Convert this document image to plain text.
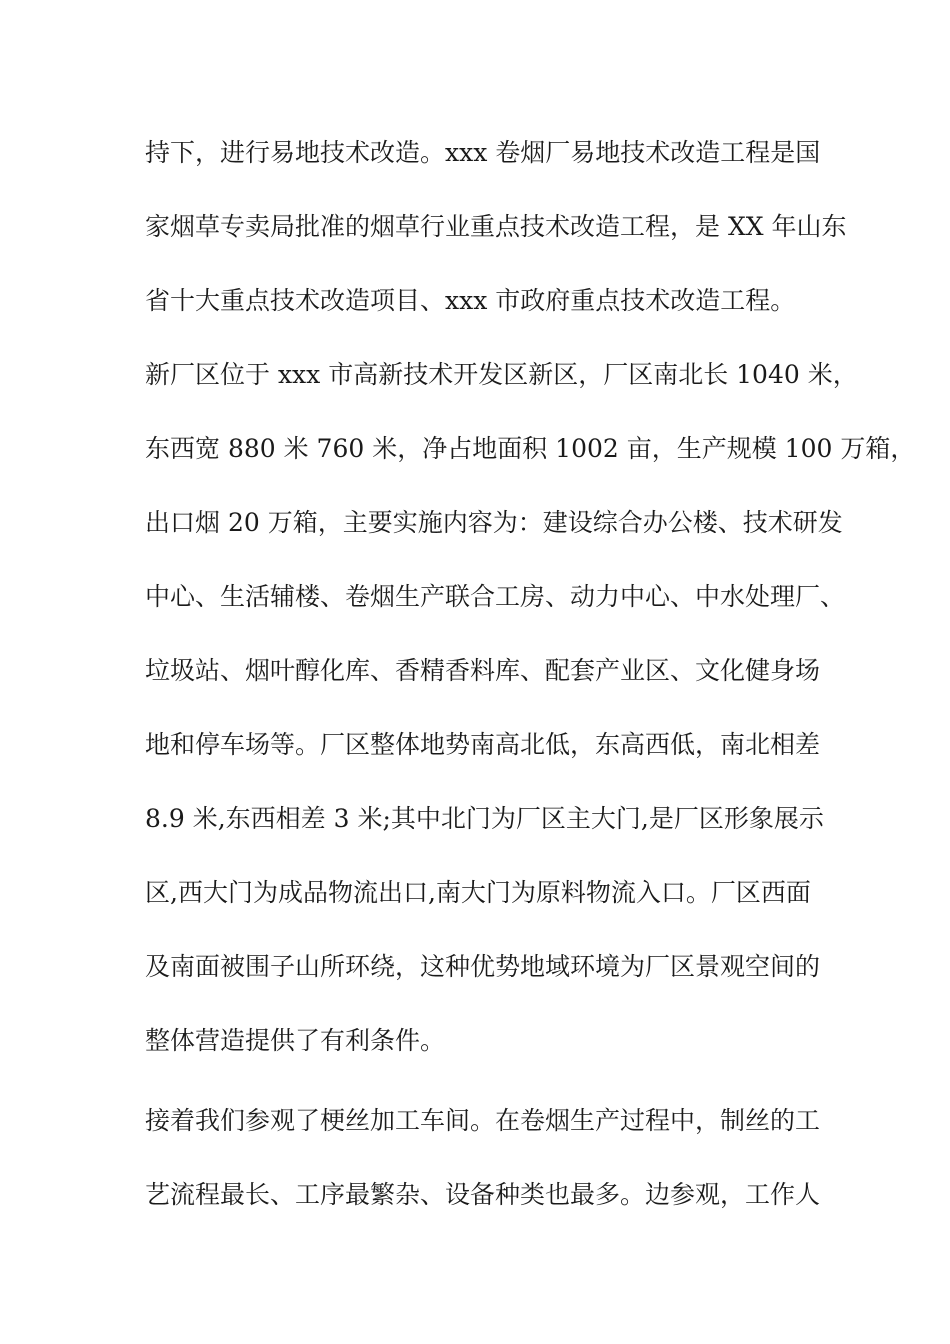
持下，进行易地技术改造。xxx 卷烟厂易地技术改造工程是国
家烟草专卖局批准的烟草行业重点技术改造工程，是 XX 年山东
省十大重点技术改造项目、xxx 市政府重点技术改造工程。
新厂区位于 xxx 市高新技术开发区新区，厂区南北长 1040 米，
东西宽 880 米 760 米，净占地面积 1002 亩，生产规模 100 万箱，
出口烟 20 万箱，主要实施内容为：建设综合办公楼、技术研发
中心、生活辅楼、卷烟生产联合工房、动力中心、中水处理厂、
垃圾站、烟叶醇化库、香精香料库、配套产业区、文化健身场
地和停车场等。厂区整体地势南高北低，东高西低，南北相差
8.9 米,东西相差 3 米;其中北门为厂区主大门,是厂区形象展示
区,西大门为成品物流出口,南大门为原料物流入口。厂区西面
及南面被围子山所环绕，这种优势地域环境为厂区景观空间的
整体营造提供了有利条件。
接着我们参观了梗丝加工车间。在卷烟生产过程中，制丝的工
艺流程最长、工序最繁杂、设备种类也最多。边参观，工作人
